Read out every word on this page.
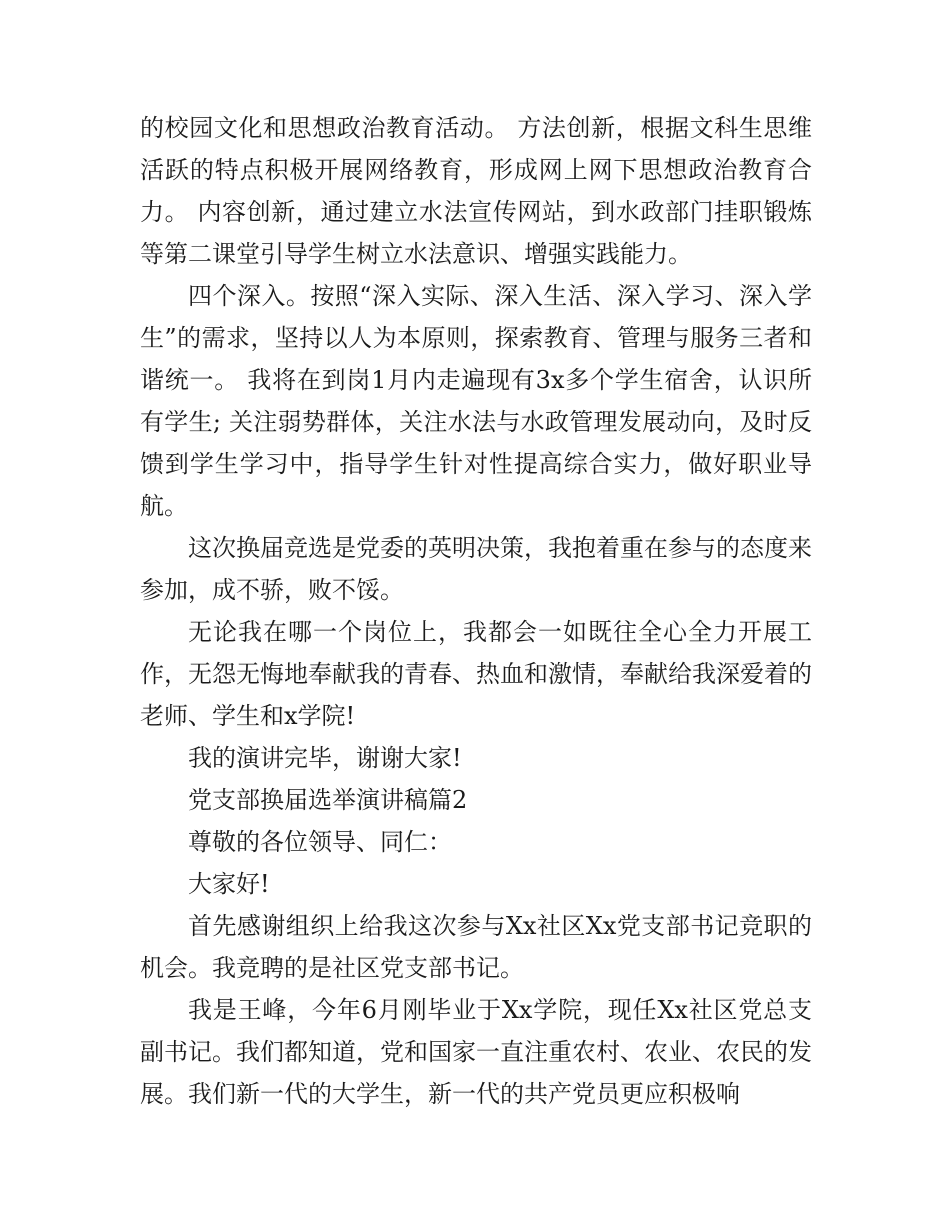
的校园文化和思想政治教育活动。 方法创新，根据文科生思维活跃的特点积极开展网络教育，形成网上网下思想政治教育合力。 内容创新，通过建立水法宣传网站，到水政部门挂职锻炼等第二课堂引导学生树立水法意识、增强实践能力。

四个深入。按照“深入实际、深入生活、深入学习、深入学生”的需求，坚持以人为本原则，探索教育、管理与服务三者和谐统一。 我将在到岗1月内走遍现有3x多个学生宿舍，认识所有学生; 关注弱势群体，关注水法与水政管理发展动向，及时反馈到学生学习中，指导学生针对性提高综合实力，做好职业导航。

这次换届竞选是党委的英明决策，我抱着重在参与的态度来参加，成不骄，败不馁。

无论我在哪一个岗位上，我都会一如既往全心全力开展工作，无怨无悔地奉献我的青春、热血和激情，奉献给我深爱着的老师、学生和x学院!

我的演讲完毕，谢谢大家!

党支部换届选举演讲稿篇2

尊敬的各位领导、同仁：

大家好!

首先感谢组织上给我这次参与Xx社区Xx党支部书记竞职的机会。我竞聘的是社区党支部书记。

我是王峰，今年6月刚毕业于Xx学院，现任Xx社区党总支副书记。我们都知道，党和国家一直注重农村、农业、农民的发展。我们新一代的大学生，新一代的共产党员更应积极响
